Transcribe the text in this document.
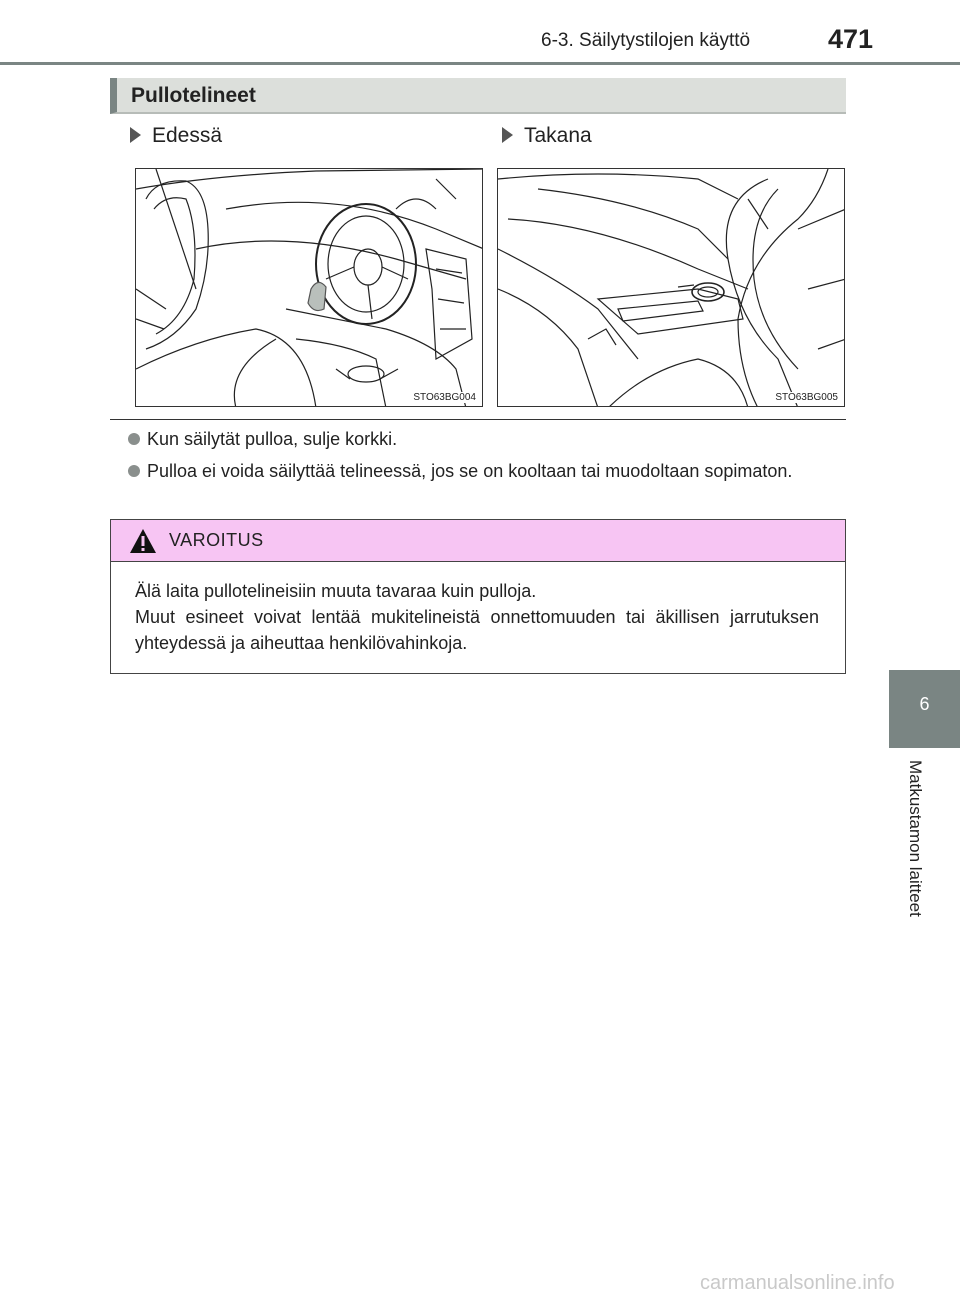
6-3. Säilytystilojen käyttö	471
6
Matkustamon laitteet
Pullotelineet
Edessä	Takana
STO63BG004	STO63BG005
Kun säilytät pulloa, sulje korkki.
Pulloa ei voida säilyttää telineessä, jos se on kooltaan tai muodoltaan sopimaton.
VAROITUS

Älä laita pullotelineisiin muuta tavaraa kuin pulloja.

Muut esineet voivat lentää mukitelineistä onnettomuuden tai äkillisen jarrutuksen yhteydessä ja aiheuttaa henkilövahinkoja.

carmanualsonline.info
